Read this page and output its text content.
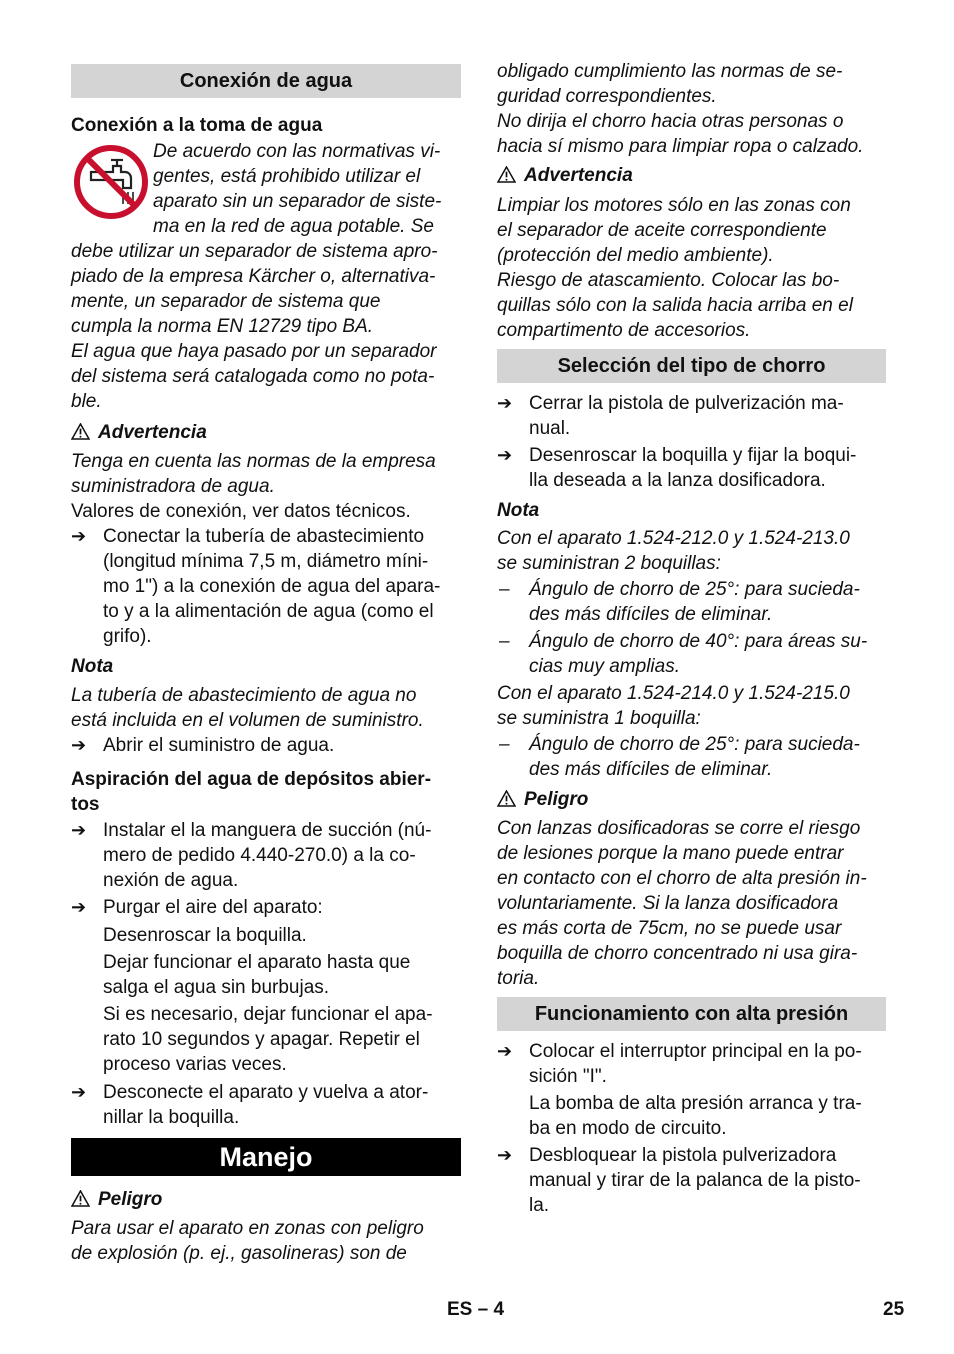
Conexión de agua
Conexión a la toma de agua
De acuerdo con las normativas vi-
gentes, está prohibido utilizar el
aparato sin un separador de siste-
ma en la red de agua potable. Se
debe utilizar un separador de sistema apro-
piado de la empresa Kärcher o, alternativa-
mente, un separador de sistema que
cumpla la norma EN 12729 tipo BA.
El agua que haya pasado por un separador
del sistema será catalogada como no pota-
ble.
Advertencia
Tenga en cuenta las normas de la empresa
suministradora de agua.
Valores de conexión, ver datos técnicos.
➔ Conectar la tubería de abastecimiento
(longitud mínima 7,5 m, diámetro míni-
mo 1") a la conexión de agua del apara-
to y a la alimentación de agua (como el
grifo).
Nota
La tubería de abastecimiento de agua no
está incluida en el volumen de suministro.
➔ Abrir el suministro de agua.
Aspiración del agua de depósitos abier-
tos
➔ Instalar el la manguera de succión (nú-
mero de pedido 4.440-270.0) a la co-
nexión de agua.
➔ Purgar el aire del aparato:
Desenroscar la boquilla.
Dejar funcionar el aparato hasta que
salga el agua sin burbujas.
Si es necesario, dejar funcionar el apa-
rato 10 segundos y apagar. Repetir el
proceso varias veces.
➔ Desconecte el aparato y vuelva a ator-
nillar la boquilla.
Manejo
Peligro
Para usar el aparato en zonas con peligro
de explosión (p. ej., gasolineras) son de
obligado cumplimiento las normas de se-
guridad correspondientes.
No dirija el chorro hacia otras personas o
hacia sí mismo para limpiar ropa o calzado.
Advertencia
Limpiar los motores sólo en las zonas con
el separador de aceite correspondiente
(protección del medio ambiente).
Riesgo de atascamiento. Colocar las bo-
quillas sólo con la salida hacia arriba en el
compartimento de accesorios.
Selección del tipo de chorro
➔ Cerrar la pistola de pulverización ma-
nual.
➔ Desenroscar la boquilla y fijar la boqui-
lla deseada a la lanza dosificadora.
Nota
Con el aparato 1.524-212.0 y 1.524-213.0
se suministran 2 boquillas:
– Ángulo de chorro de 25°: para sucieda-
des más difíciles de eliminar.
– Ángulo de chorro de 40°: para áreas su-
cias muy amplias.
Con el aparato 1.524-214.0 y 1.524-215.0
se suministra 1 boquilla:
– Ángulo de chorro de 25°: para sucieda-
des más difíciles de eliminar.
Peligro
Con lanzas dosificadoras se corre el riesgo
de lesiones porque la mano puede entrar
en contacto con el chorro de alta presión in-
voluntariamente. Si la lanza dosificadora
es más corta de 75cm, no se puede usar
boquilla de chorro concentrado ni usa gira-
toria.
Funcionamiento con alta presión
➔ Colocar el interruptor principal en la po-
sición "I".
La bomba de alta presión arranca y tra-
ba en modo de circuito.
➔ Desbloquear la pistola pulverizadora
manual y tirar de la palanca de la pisto-
la.
ES – 4	25
